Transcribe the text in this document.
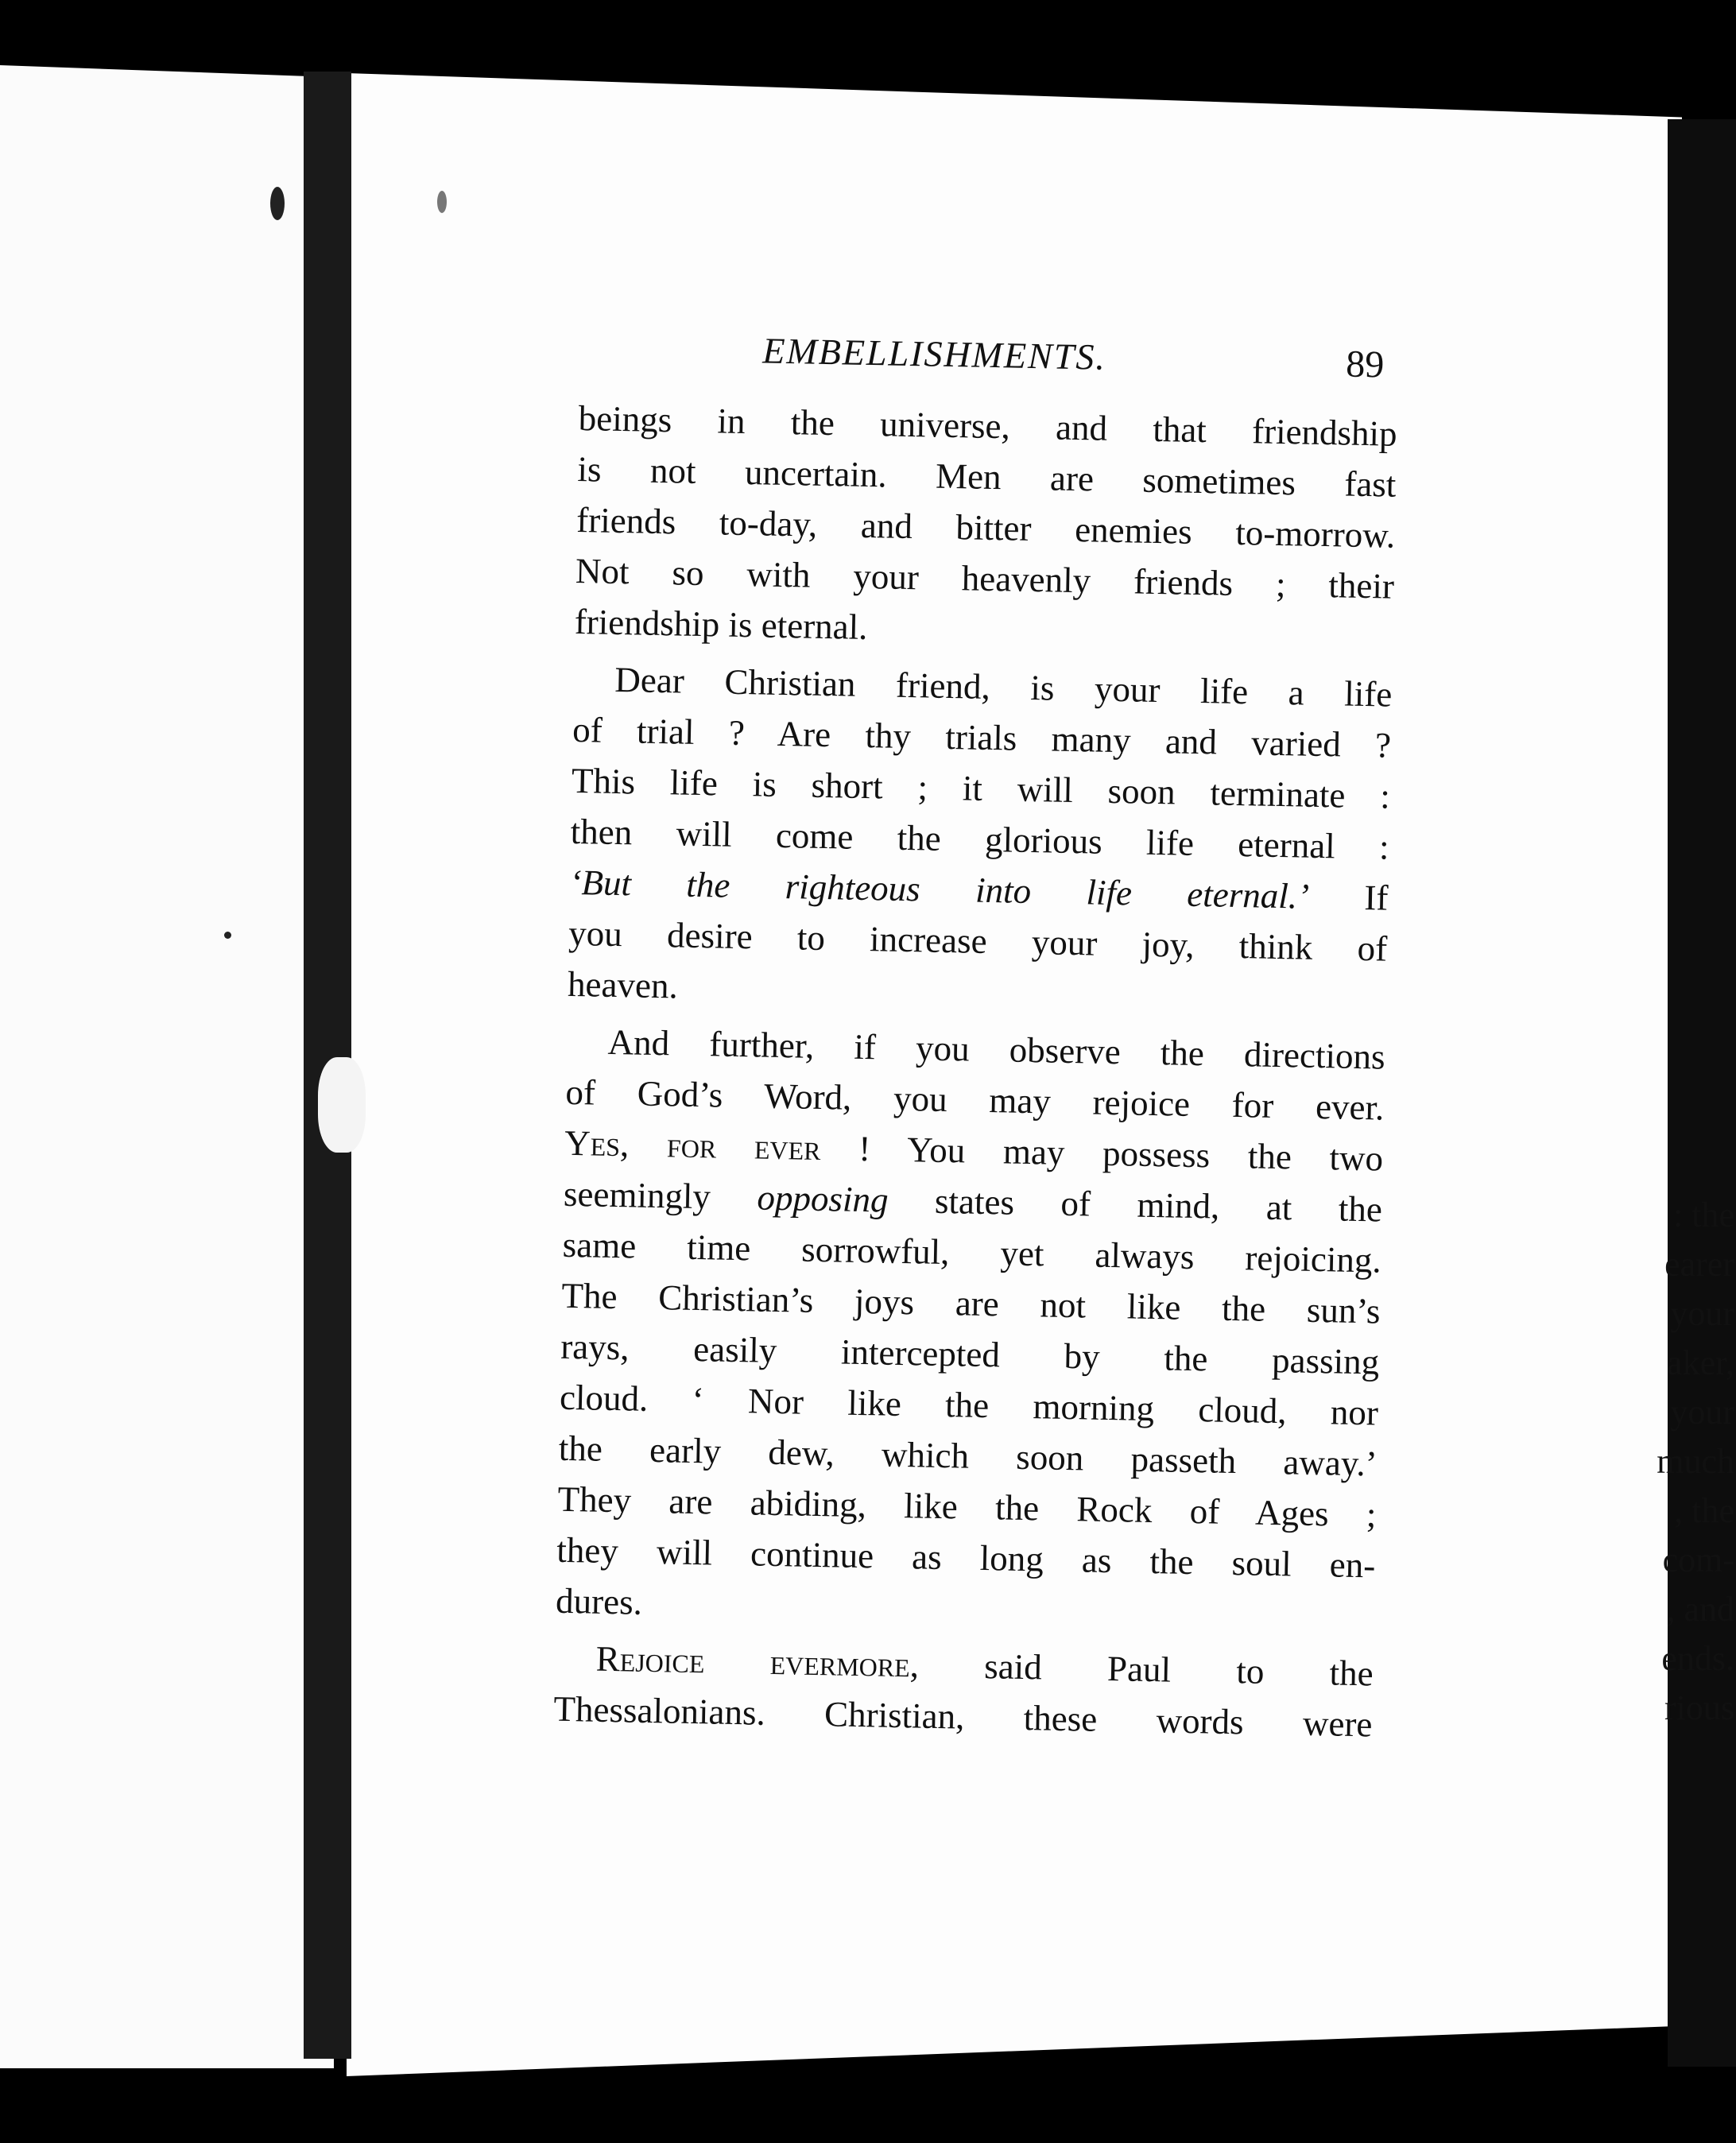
: the
earer
your
aker,
your
much
, the
com-
, and
ends.
rious
EMBELLISHMENTS.	89

beings in the universe, and that friendship
is not uncertain. Men are sometimes fast
friends to-day, and bitter enemies to-morrow.
Not so with your heavenly friends ; their
friendship is eternal.

Dear Christian friend, is your life a life
of trial ? Are thy trials many and varied ?
This life is short ; it will soon terminate :
then will come the glorious life eternal :
‘But the righteous into life eternal.’ If
you desire to increase your joy, think of
heaven.

And further, if you observe the directions
of God’s Word, you may rejoice for ever.
Yes, for ever ! You may possess the two
seemingly opposing states of mind, at the
same time sorrowful, yet always rejoicing.
The Christian’s joys are not like the sun’s
rays, easily intercepted by the passing
cloud. ‘ Nor like the morning cloud, nor
the early dew, which soon passeth away.’
They are abiding, like the Rock of Ages ;
they will continue as long as the soul en-
dures.

Rejoice evermore, said Paul to the
Thessalonians. Christian, these words were
